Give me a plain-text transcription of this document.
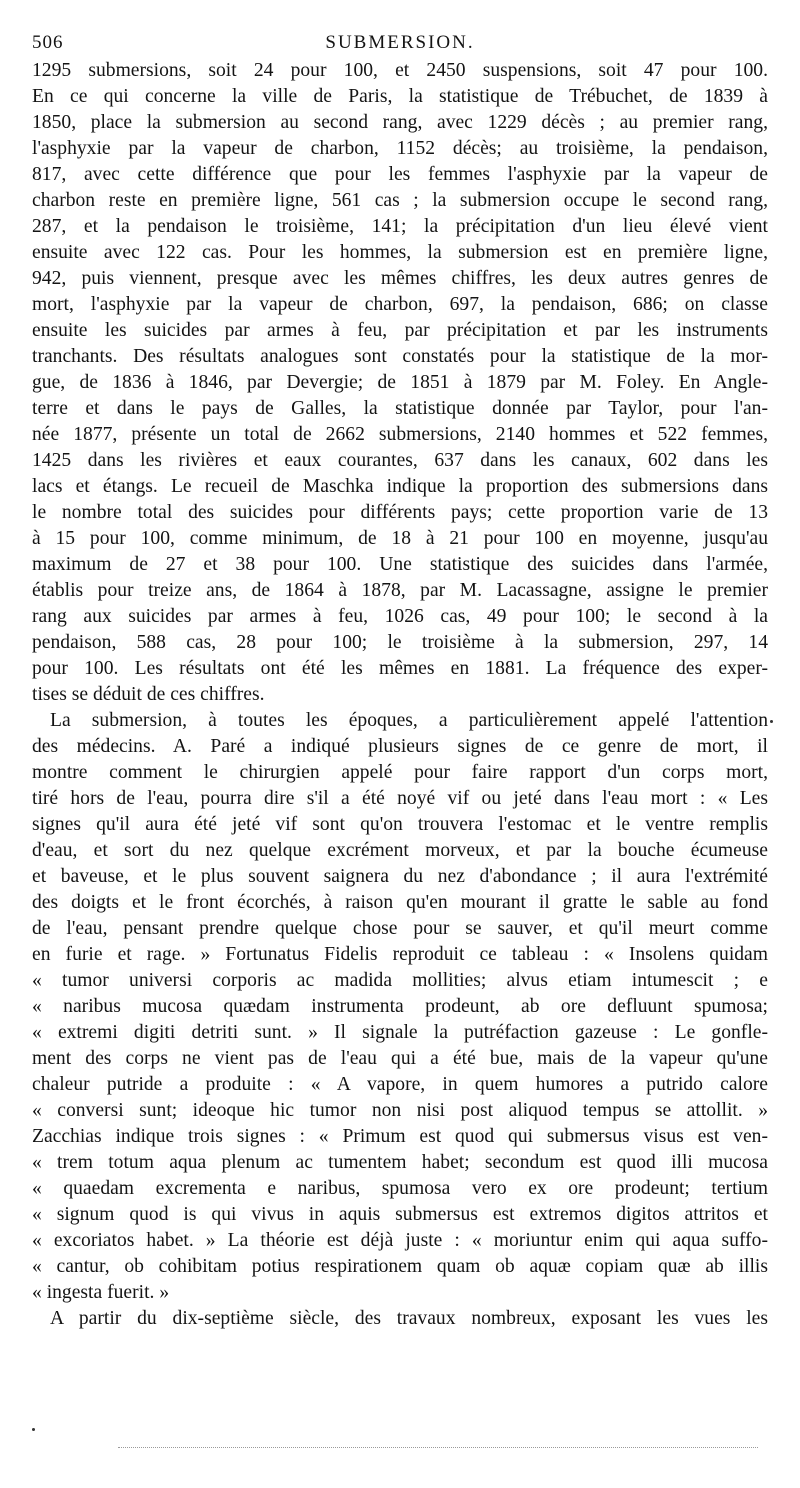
506	SUBMERSION.

1295 submersions, soit 24 pour 100, et 2450 suspensions, soit 47 pour 100.

En ce qui concerne la ville de Paris, la statistique de Trébuchet, de 1839 à

1850, place la submersion au second rang, avec 1229 décès ; au premier rang,

l'asphyxie par la vapeur de charbon, 1152 décès; au troisième, la pendaison,

817, avec cette différence que pour les femmes l'asphyxie par la vapeur de

charbon reste en première ligne, 561 cas ; la submersion occupe le second rang,

287, et la pendaison le troisième, 141; la précipitation d'un lieu élevé vient

ensuite avec 122 cas. Pour les hommes, la submersion est en première ligne,

942, puis viennent, presque avec les mêmes chiffres, les deux autres genres de

mort, l'asphyxie par la vapeur de charbon, 697, la pendaison, 686; on classe

ensuite les suicides par armes à feu, par précipitation et par les instruments

tranchants. Des résultats analogues sont constatés pour la statistique de la mor-

gue, de 1836 à 1846, par Devergie; de 1851 à 1879 par M. Foley. En Angle-

terre et dans le pays de Galles, la statistique donnée par Taylor, pour l'an-

née 1877, présente un total de 2662 submersions, 2140 hommes et 522 femmes,

1425 dans les rivières et eaux courantes, 637 dans les canaux, 602 dans les

lacs et étangs. Le recueil de Maschka indique la proportion des submersions dans

le nombre total des suicides pour différents pays; cette proportion varie de 13

à 15 pour 100, comme minimum, de 18 à 21 pour 100 en moyenne, jusqu'au

maximum de 27 et 38 pour 100. Une statistique des suicides dans l'armée,

établis pour treize ans, de 1864 à 1878, par M. Lacassagne, assigne le premier

rang aux suicides par armes à feu, 1026 cas, 49 pour 100; le second à la

pendaison, 588 cas, 28 pour 100; le troisième à la submersion, 297, 14

pour 100. Les résultats ont été les mêmes en 1881. La fréquence des exper-

tises se déduit de ces chiffres.

La submersion, à toutes les époques, a particulièrement appelé l'attention

des médecins. A. Paré a indiqué plusieurs signes de ce genre de mort, il

montre comment le chirurgien appelé pour faire rapport d'un corps mort,

tiré hors de l'eau, pourra dire s'il a été noyé vif ou jeté dans l'eau mort : « Les

signes qu'il aura été jeté vif sont qu'on trouvera l'estomac et le ventre remplis

d'eau, et sort du nez quelque excrément morveux, et par la bouche écumeuse

et baveuse, et le plus souvent saignera du nez d'abondance ; il aura l'extrémité

des doigts et le front écorchés, à raison qu'en mourant il gratte le sable au fond

de l'eau, pensant prendre quelque chose pour se sauver, et qu'il meurt comme

en furie et rage. » Fortunatus Fidelis reproduit ce tableau : « Insolens quidam

« tumor universi corporis ac madida mollities; alvus etiam intumescit ; e

« naribus mucosa quædam instrumenta prodeunt, ab ore defluunt spumosa;

« extremi digiti detriti sunt. » Il signale la putréfaction gazeuse : Le gonfle-

ment des corps ne vient pas de l'eau qui a été bue, mais de la vapeur qu'une

chaleur putride a produite : « A vapore, in quem humores a putrido calore

« conversi sunt; ideoque hic tumor non nisi post aliquod tempus se attollit. »

Zacchias indique trois signes : « Primum est quod qui submersus visus est ven-

« trem totum aqua plenum ac tumentem habet; secondum est quod illi mucosa

« quaedam excrementa e naribus, spumosa vero ex ore prodeunt; tertium

« signum quod is qui vivus in aquis submersus est extremos digitos attritos et

« excoriatos habet. » La théorie est déjà juste : « moriuntur enim qui aqua suffo-

« cantur, ob cohibitam potius respirationem quam ob aquæ copiam quæ ab illis

« ingesta fuerit. »

A partir du dix-septième siècle, des travaux nombreux, exposant les vues les
